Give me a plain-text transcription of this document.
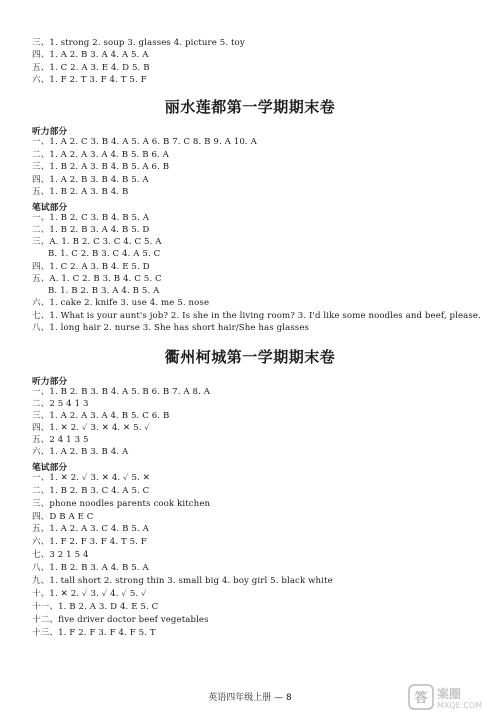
三、1. strong 2. soup 3. glasses 4. picture 5. toy
四、1. A 2. B 3. A 4. A 5. A
五、1. C 2. A 3. E 4. D 5. B
六、1. F 2. T 3. F 4. T 5. F
丽水莲都第一学期期末卷
听力部分
一、1. A 2. C 3. B 4. A 5. A 6. B 7. C 8. B 9. A 10. A
二、1. A 2. A 3. A 4. B 5. B 6. A
三、1. B 2. A 3. B 4. B 5. A 6. B
四、1. A 2. B 3. B 4. B 5. A
五、1. B 2. A 3. B 4. B
笔试部分
一、1. B 2. C 3. B 4. B 5. A
二、1. B 2. B 3. A 4. B 5. D
三、A. 1. B 2. C 3. C 4. C 5. A
B. 1. C 2. B 3. C 4. A 5. C
四、1. C 2. A 3. B 4. E 5. D
五、A. 1. C 2. B 3. B 4. C 5. C
B. 1. B 2. B 3. A 4. B 5. A
六、1. cake 2. knife 3. use 4. me 5. nose
七、1. What is your aunt's job? 2. Is she in the living room? 3. I'd like some noodles and beef, please.
八、1. long hair 2. nurse 3. She has short hair/She has glasses
衢州柯城第一学期期末卷
听力部分
一、1. B 2. B 3. B 4. A 5. B 6. B 7. A 8. A
二、2 5 4 1 3
三、1. A 2. A 3. A 4. B 5. C 6. B
四、1. ✕ 2. ✓ 3. ✕ 4. ✕ 5. ✓
五、2 4 1 3 5
六、1. A 2. B 3. B 4. A
笔试部分
一、1. ✕ 2. ✓ 3. ✕ 4. ✓ 5. ✕
二、1. B 2. B 3. C 4. A 5. C
三、phone noodles parents cook kitchen
四、D B A E C
五、1. A 2. A 3. C 4. B 5. A
六、1. F 2. F 3. F 4. T 5. F
七、3 2 1 5 4
八、1. B 2. B 3. A 4. B 5. A
九、1. tall short 2. strong thin 3. small big 4. boy girl 5. black white
十、1. ✕ 2. ✓ 3. ✓ 4. ✓ 5. ✓
十一、1. B 2. A 3. D 4. E 5. C
十二、five driver doctor beef vegetables
十三、1. F 2. F 3. F 4. F 5. T
英语四年级上册 — 8	答 案圈
MXQE.COM
